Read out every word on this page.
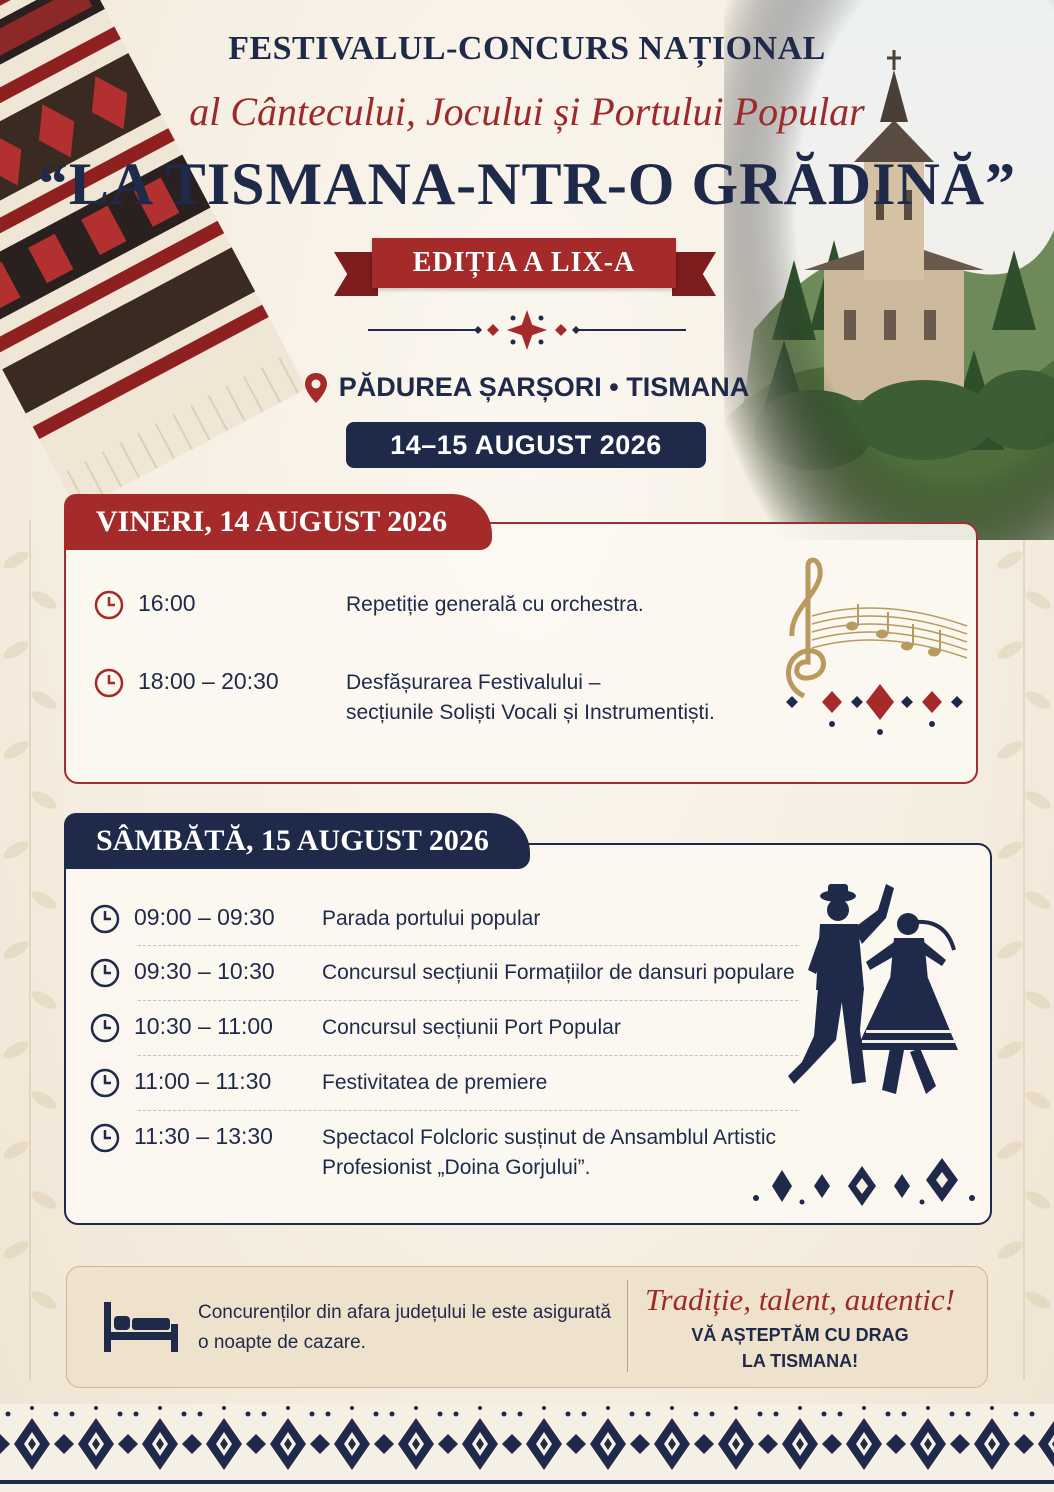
FESTIVALUL-CONCURS NAȚIONAL
al Cântecului, Jocului și Portului Popular
“LA TISMANA-NTR-O GRĂDINĂ”
EDIȚIA A LIX-A
PĂDUREA ȘARȘORI • TISMANA
14–15 AUGUST 2026
VINERI, 14 AUGUST 2026
16:00	Repetiție generală cu orchestra.
18:00 – 20:30	Desfășurarea Festivalului –
secțiunile Soliști Vocali și Instrumentiști.
SÂMBĂTĂ, 15 AUGUST 2026
09:00 – 09:30 Parada portului popular
09:30 – 10:30 Concursul secțiunii Formațiilor de dansuri populare
10:30 – 11:00 Concursul secțiunii Port Popular
11:00 – 11:30 Festivitatea de premiere
11:30 – 13:30 Spectacol Folcloric susținut de Ansamblul Artistic
Profesionist „Doina Gorjului”.
Concurenților din afara județului le este asigurată
o noapte de cazare.
Tradiție, talent, autentic!
VĂ AȘTEPTĂM CU DRAG
LA TISMANA!
